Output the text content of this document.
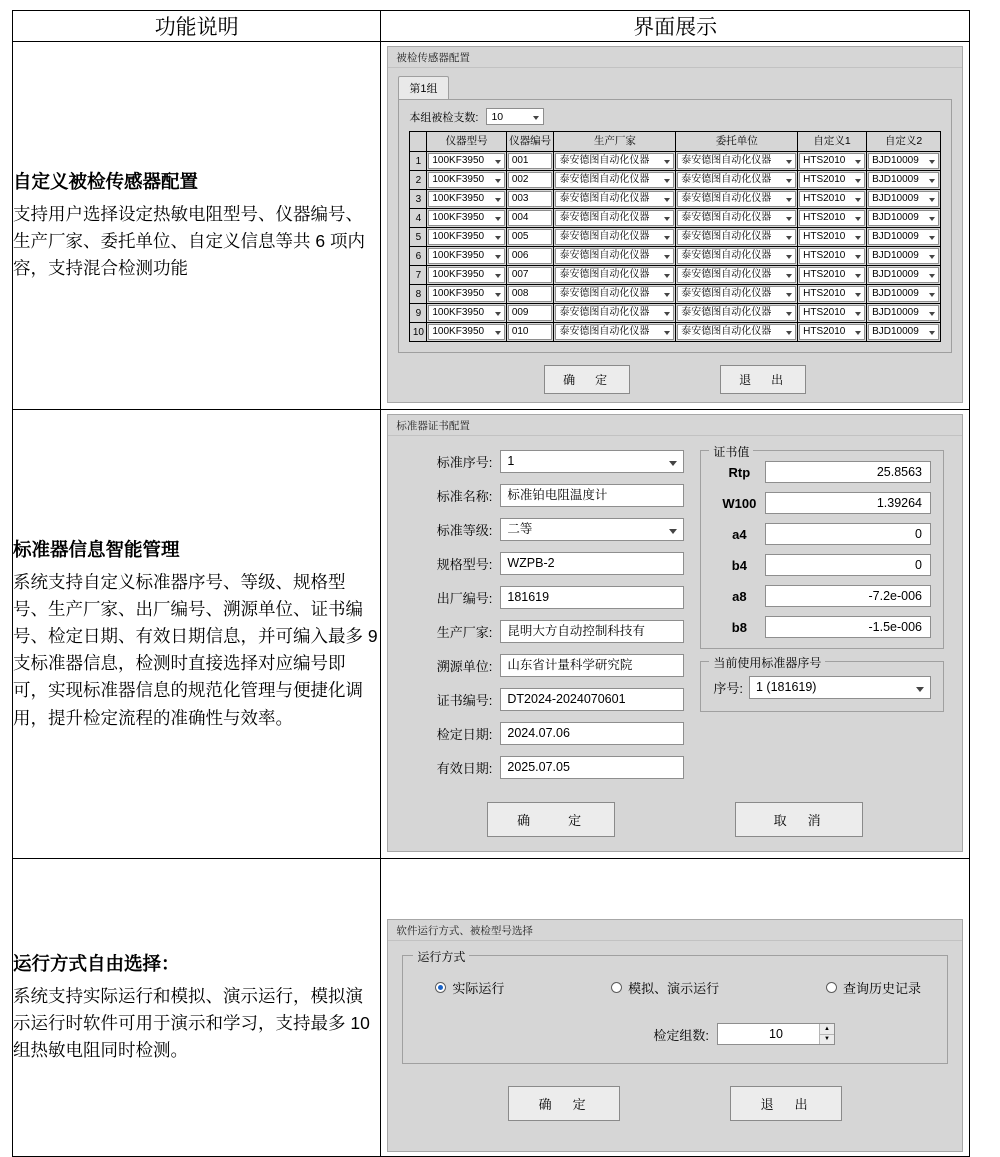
功能说明	界面展示

自定义被检传感器配置
支持用户选择设定热敏电阻型号、仪器编号、生产厂家、委托单位、自定义信息等共 6 项内容，支持混合检测功能

被检传感器配置
第1组
本组被检支数:	10
	仪器型号	仪器编号	生产厂家	委托单位	自定义1	自定义2
1	100KF3950	001	泰安德图自动化仪器	泰安德图自动化仪器	HTS2010	BJD10009

2	100KF3950	002	泰安德图自动化仪器	泰安德图自动化仪器	HTS2010	BJD10009

3	100KF3950	003	泰安德图自动化仪器	泰安德图自动化仪器	HTS2010	BJD10009

4	100KF3950	004	泰安德图自动化仪器	泰安德图自动化仪器	HTS2010	BJD10009

5	100KF3950	005	泰安德图自动化仪器	泰安德图自动化仪器	HTS2010	BJD10009

6	100KF3950	006	泰安德图自动化仪器	泰安德图自动化仪器	HTS2010	BJD10009

7	100KF3950	007	泰安德图自动化仪器	泰安德图自动化仪器	HTS2010	BJD10009

8	100KF3950	008	泰安德图自动化仪器	泰安德图自动化仪器	HTS2010	BJD10009

9	100KF3950	009	泰安德图自动化仪器	泰安德图自动化仪器	HTS2010	BJD10009

10	100KF3950	010	泰安德图自动化仪器	泰安德图自动化仪器	HTS2010	BJD10009
确　定	退　出

标准器信息智能管理
系统支持自定义标准器序号、等级、规格型号、生产厂家、出厂编号、溯源单位、证书编号、检定日期、有效日期信息，并可编入最多 9 支标准器信息，检测时直接选择对应编号即可，实现标准器信息的规范化管理与便捷化调用，提升检定流程的准确性与效率。

标准器证书配置
标准序号:	1
标准名称:	标准铂电阻温度计
标准等级:	二等
规格型号:	WZPB-2
出厂编号:	181619
生产厂家:	昆明大方自动控制科技有
溯源单位:	山东省计量科学研究院
证书编号:	DT2024-2024070601
检定日期:	2024.07.06
有效日期:	2025.07.05
证书值
Rtp	25.8563
W100	1.39264
a4	0
b4	0
a8	-7.2e-006
b8	-1.5e-006
当前使用标准器序号
序号:	1 (181619)
确　　定	取　消

运行方式自由选择：
系统支持实际运行和模拟、演示运行，模拟演示运行时软件可用于演示和学习，支持最多 10 组热敏电阻同时检测。

软件运行方式、被检型号选择
运行方式
实际运行	模拟、演示运行	查询历史记录
检定组数:	10	▲
▼
确　定	退　出
